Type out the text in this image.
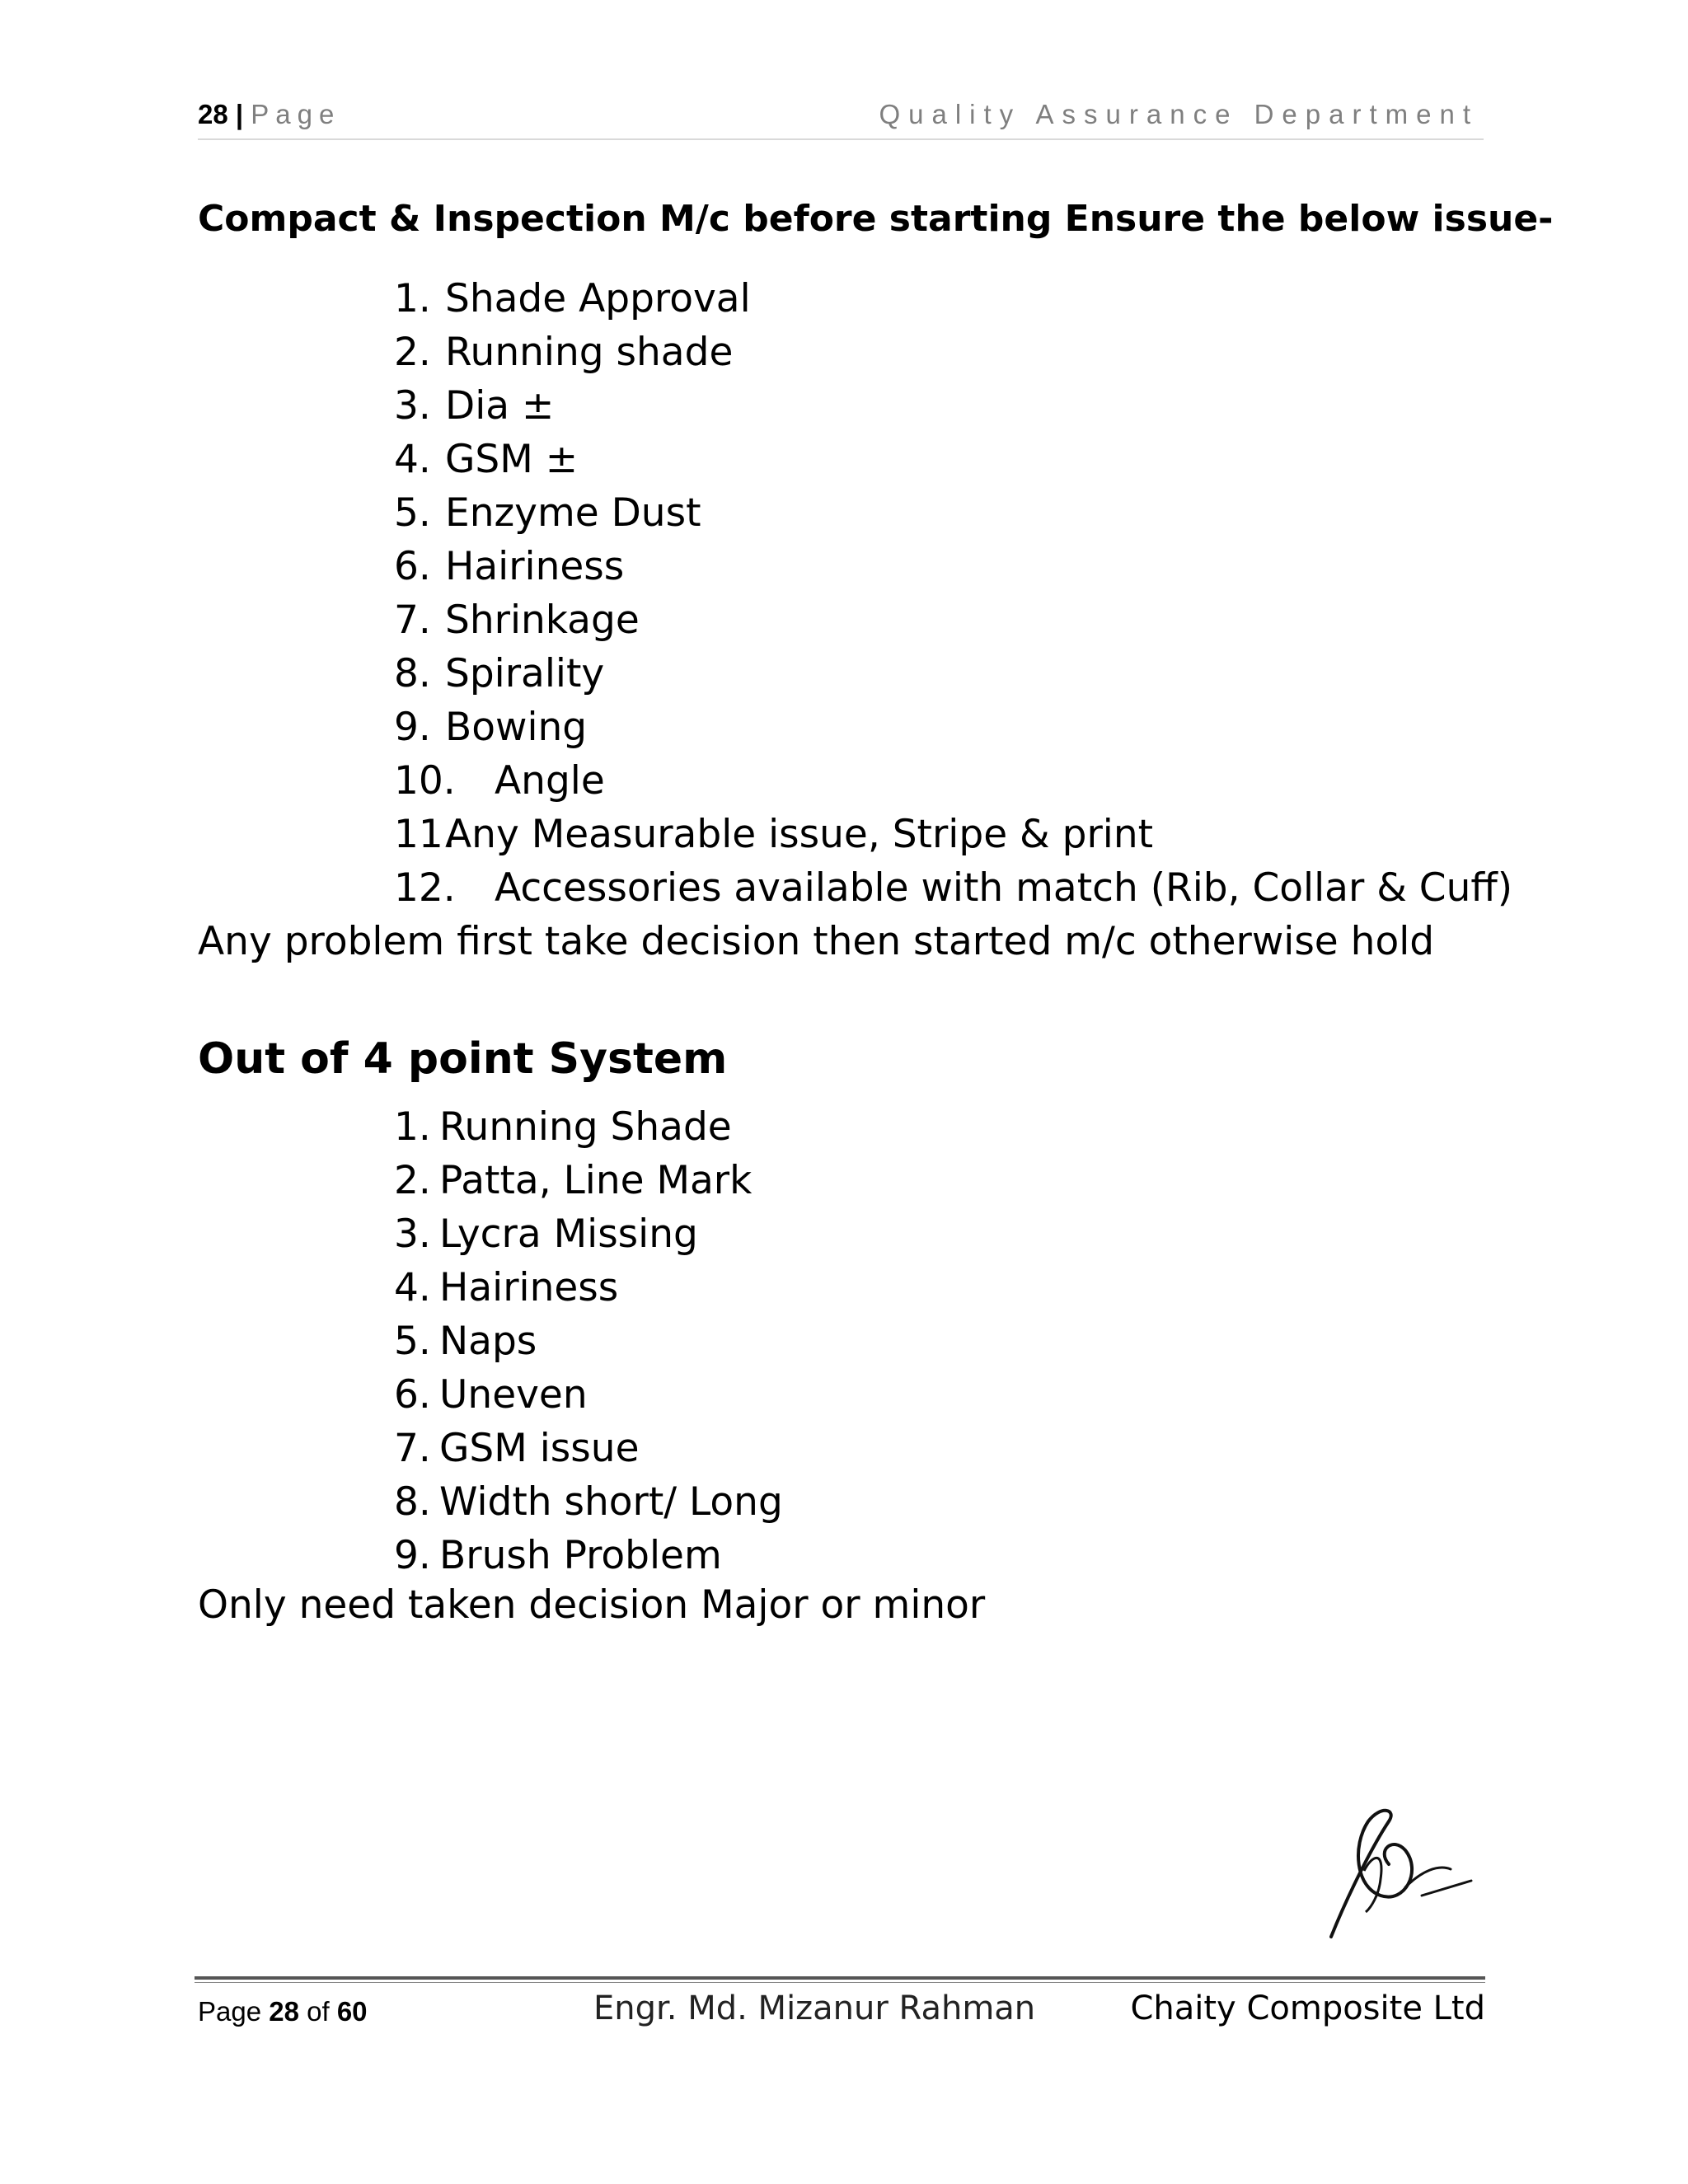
28 | Page	Quality Assurance Department
Compact & Inspection M/c before starting Ensure the below issue-
1. Shade Approval
2. Running shade
3. Dia ±
4. GSM ±
5. Enzyme Dust
6. Hairiness
7. Shrinkage
8. Spirality
9. Bowing
10. Angle
11.Any Measurable issue, Stripe & print
12. Accessories available with match (Rib, Collar & Cuff)
Any problem first take decision then started m/c otherwise hold
Out of 4 point System
1. Running Shade
2. Patta, Line Mark
3. Lycra Missing
4. Hairiness
5. Naps
6. Uneven
7. GSM issue
8. Width short/ Long
9. Brush Problem
Only need taken decision Major or minor
Page 28 of 60	Engr. Md. Mizanur Rahman	Chaity Composite Ltd
